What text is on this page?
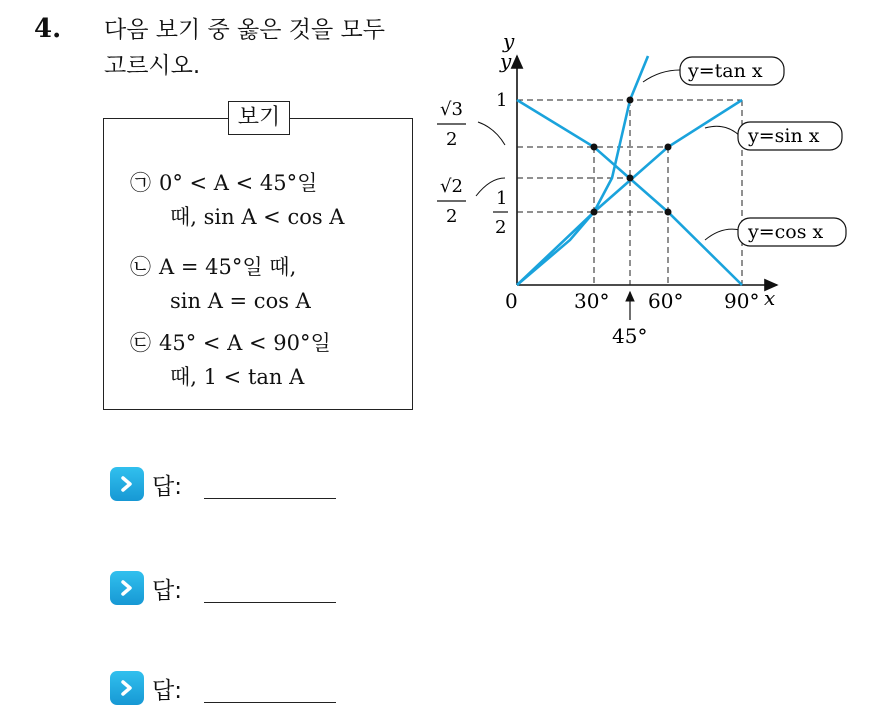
4. 다음 보기 중 옳은 것을 모두 고르시오.
보기
㉠ 0° < A < 45°일
때, sin A < cos A
㉡ A = 45°일 때,
sin A = cos A
㉢ 45° < A < 90°일
때, 1 < tan A
y
y
x
1
√3
2
√2
2
1
2
0	30° 60° 90°
45°
y=tan x
y=sin x
y=cos x
답:
답:
답:
